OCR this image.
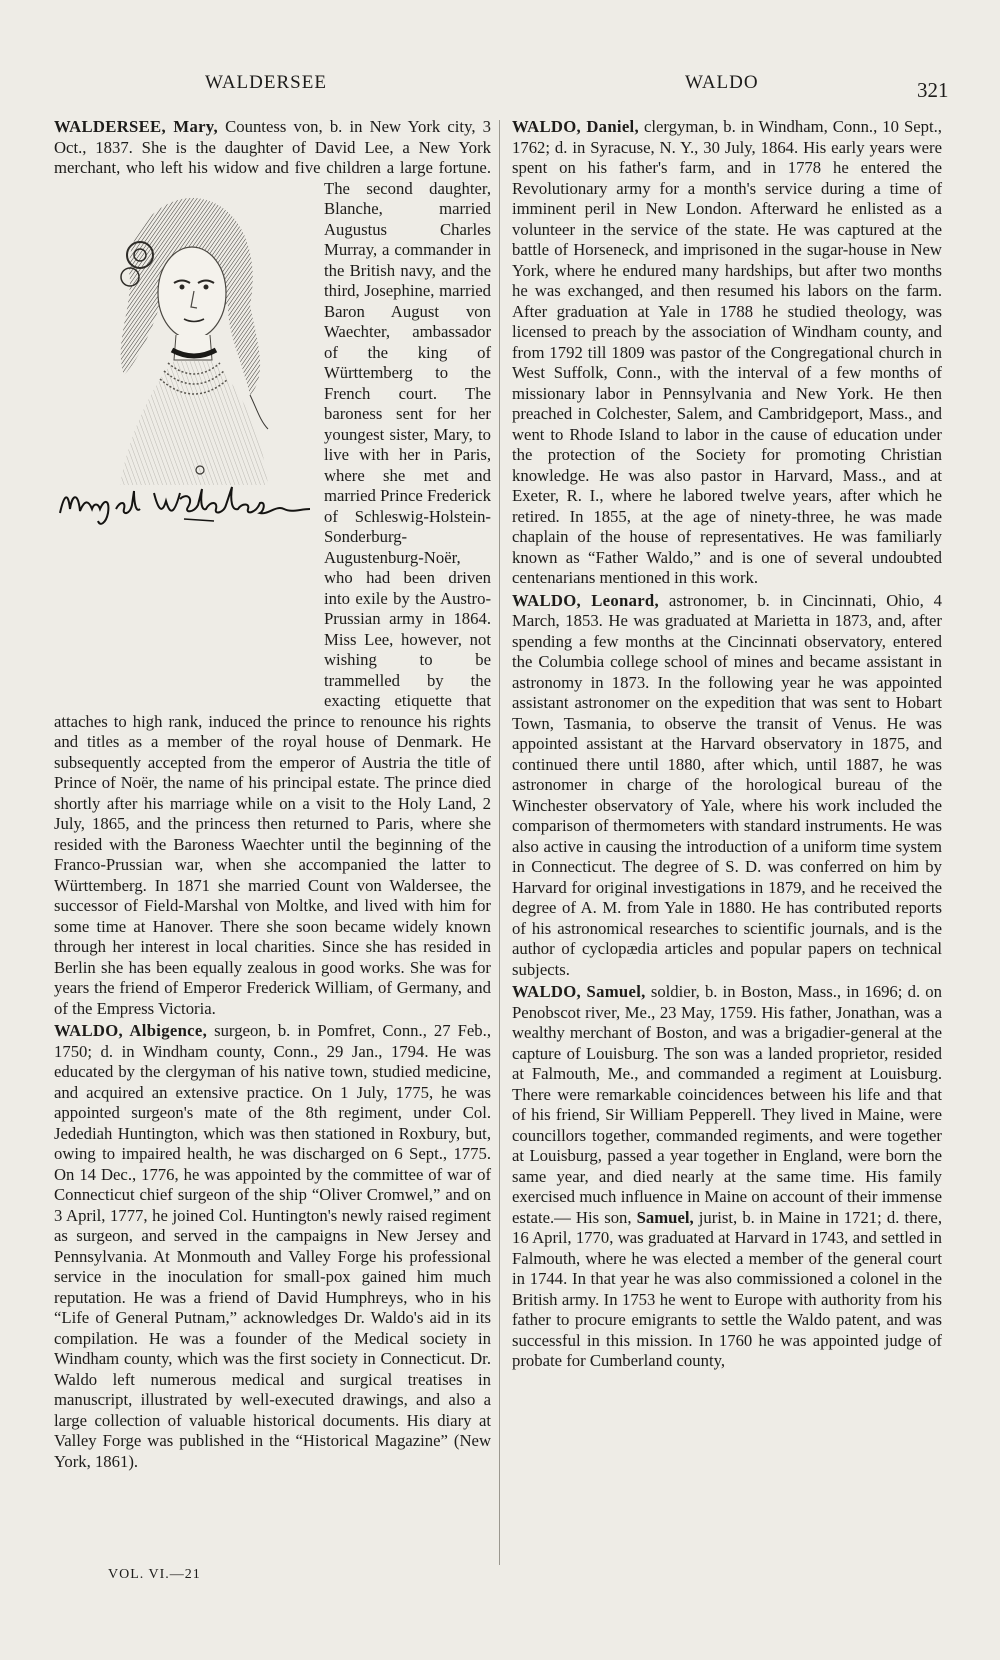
WALDERSEE	WALDO	321

WALDERSEE, Mary, Countess von, b. in New York city, 3 Oct., 1837. She is the daughter of David Lee, a New York merchant, who left his widow and five children a large fortune. The
second daughter, Blanche, married Augustus Charles Murray, a commander in the British navy, and the third, Josephine, married Baron August von Waechter, ambassador of the king of Württemberg to the French court. The baroness sent for her youngest sister, Mary, to live with her in Paris, where she met and married Prince Frederick of Schleswig-Holstein-Sonderburg-Augustenburg-Noër, who had been driven into exile by the Austro-Prussian army in 1864. Miss Lee, however, not wishing to be trammelled by the exacting etiquette that attaches to high rank, induced the prince to renounce his rights and titles as a member of the royal house of Denmark. He subsequently accepted from the emperor of Austria the title of Prince of Noër, the name of his principal estate. The prince died shortly after his marriage while on a visit to the Holy Land, 2 July, 1865, and the princess then returned to Paris, where she resided with the Baroness Waechter until the beginning of the Franco-Prussian war, when she accompanied the latter to Württemberg. In 1871 she married Count von Waldersee, the successor of Field-Marshal von Moltke, and lived with him for some time at Hanover. There she soon became widely known through her interest in local charities. Since she has resided in Berlin she has been equally zealous in good works. She was for years the friend of Emperor Frederick William, of Germany, and of the Empress Victoria.

WALDO, Albigence, surgeon, b. in Pomfret, Conn., 27 Feb., 1750; d. in Windham county, Conn., 29 Jan., 1794. He was educated by the clergyman of his native town, studied medicine, and acquired an extensive practice. On 1 July, 1775, he was appointed surgeon's mate of the 8th regiment, under Col. Jedediah Huntington, which was then stationed in Roxbury, but, owing to impaired health, he was discharged on 6 Sept., 1775. On 14 Dec., 1776, he was appointed by the committee of war of Connecticut chief surgeon of the ship “Oliver Cromwel,” and on 3 April, 1777, he joined Col. Huntington's newly raised regiment as surgeon, and served in the campaigns in New Jersey and Pennsylvania. At Monmouth and Valley Forge his professional service in the inoculation for small-pox gained him much reputation. He was a friend of David Humphreys, who in his “Life of General Putnam,” acknowledges Dr. Waldo's aid in its compilation. He was a founder of the Medical society in Windham county, which was the first society in Connecticut. Dr. Waldo left numerous medical and surgical treatises in manuscript, illustrated by well-executed drawings, and also a large collection of valuable historical documents. His diary at Valley Forge was published in the “Historical Magazine” (New York, 1861).

WALDO, Daniel, clergyman, b. in Windham, Conn., 10 Sept., 1762; d. in Syracuse, N. Y., 30 July, 1864. His early years were spent on his father's farm, and in 1778 he entered the Revolutionary army for a month's service during a time of imminent peril in New London. Afterward he enlisted as a volunteer in the service of the state. He was captured at the battle of Horseneck, and imprisoned in the sugar-house in New York, where he endured many hardships, but after two months he was exchanged, and then resumed his labors on the farm. After graduation at Yale in 1788 he studied theology, was licensed to preach by the association of Windham county, and from 1792 till 1809 was pastor of the Congregational church in West Suffolk, Conn., with the interval of a few months of missionary labor in Pennsylvania and New York. He then preached in Colchester, Salem, and Cambridgeport, Mass., and went to Rhode Island to labor in the cause of education under the protection of the Society for promoting Christian knowledge. He was also pastor in Harvard, Mass., and at Exeter, R. I., where he labored twelve years, after which he retired. In 1855, at the age of ninety-three, he was made chaplain of the house of representatives. He was familiarly known as “Father Waldo,” and is one of several undoubted centenarians mentioned in this work.

WALDO, Leonard, astronomer, b. in Cincinnati, Ohio, 4 March, 1853. He was graduated at Marietta in 1873, and, after spending a few months at the Cincinnati observatory, entered the Columbia college school of mines and became assistant in astronomy in 1873. In the following year he was appointed assistant astronomer on the expedition that was sent to Hobart Town, Tasmania, to observe the transit of Venus. He was appointed assistant at the Harvard observatory in 1875, and continued there until 1880, after which, until 1887, he was astronomer in charge of the horological bureau of the Winchester observatory of Yale, where his work included the comparison of thermometers with standard instruments. He was also active in causing the introduction of a uniform time system in Connecticut. The degree of S. D. was conferred on him by Harvard for original investigations in 1879, and he received the degree of A. M. from Yale in 1880. He has contributed reports of his astronomical researches to scientific journals, and is the author of cyclopædia articles and popular papers on technical subjects.

WALDO, Samuel, soldier, b. in Boston, Mass., in 1696; d. on Penobscot river, Me., 23 May, 1759. His father, Jonathan, was a wealthy merchant of Boston, and was a brigadier-general at the capture of Louisburg. The son was a landed proprietor, resided at Falmouth, Me., and commanded a regiment at Louisburg. There were remarkable coincidences between his life and that of his friend, Sir William Pepperell. They lived in Maine, were councillors together, commanded regiments, and were together at Louisburg, passed a year together in England, were born the same year, and died nearly at the same time. His family exercised much influence in Maine on account of their immense estate.— His son, Samuel, jurist, b. in Maine in 1721; d. there, 16 April, 1770, was graduated at Harvard in 1743, and settled in Falmouth, where he was elected a member of the general court in 1744. In that year he was also commissioned a colonel in the British army. In 1753 he went to Europe with authority from his father to procure emigrants to settle the Waldo patent, and was successful in this mission. In 1760 he was appointed judge of probate for Cumberland county,

VOL. VI.—21
